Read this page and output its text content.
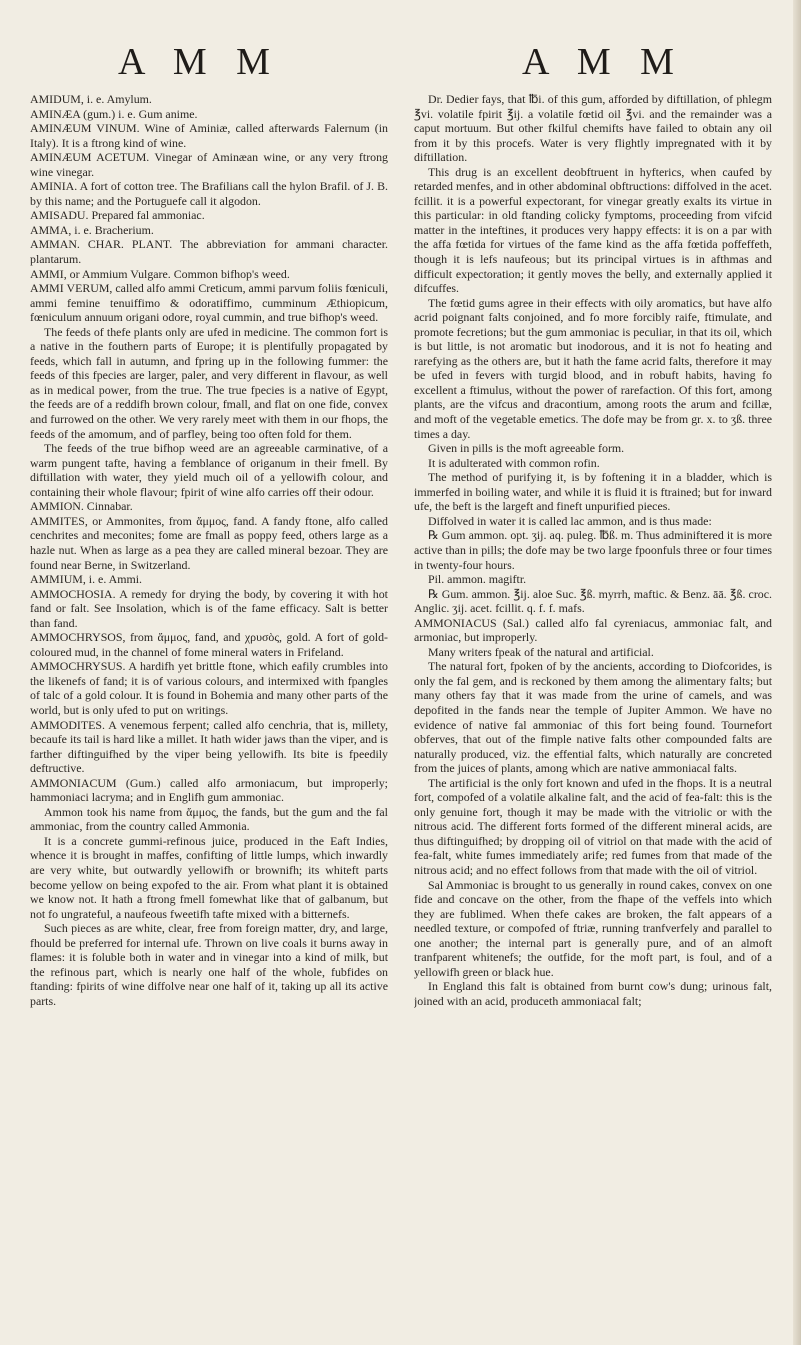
A M M	A M M

AMIDUM, i. e. Amylum.

AMINÆA (gum.) i. e. Gum anime.

AMINÆUM VINUM. Wine of Aminiæ, called afterwards Falernum (in Italy). It is a ftrong kind of wine.

AMINÆUM ACETUM. Vinegar of Aminæan wine, or any very ftrong wine vinegar.

AMINIA. A fort of cotton tree. The Brafilians call the hylon Brafil. of J. B. by this name; and the Portuguefe call it algodon.

AMISADU. Prepared fal ammoniac.

AMMA, i. e. Bracherium.

AMMAN. CHAR. PLANT. The abbreviation for ammani character. plantarum.

AMMI, or Ammium Vulgare. Common bifhop's weed.

AMMI VERUM, called alfo ammi Creticum, ammi parvum foliis fœniculi, ammi femine tenuiffimo & odoratiffimo, cumminum Æthiopicum, fœniculum annuum origani odore, royal cummin, and true bifhop's weed.

The feeds of thefe plants only are ufed in medicine. The common fort is a native in the fouthern parts of Europe; it is plentifully propagated by feeds, which fall in autumn, and fpring up in the following fummer: the feeds of this fpecies are larger, paler, and very different in flavour, as well as in medical power, from the true. The true fpecies is a native of Egypt, the feeds are of a reddifh brown colour, fmall, and flat on one fide, convex and furrowed on the other. We very rarely meet with them in our fhops, the feeds of the amomum, and of parfley, being too often fold for them.

The feeds of the true bifhop weed are an agreeable carminative, of a warm pungent tafte, having a femblance of origanum in their fmell. By diftillation with water, they yield much oil of a yellowifh colour, and containing their whole flavour; fpirit of wine alfo carries off their odour.

AMMION. Cinnabar.

AMMITES, or Ammonites, from ἄμμος, fand. A fandy ftone, alfo called cenchrites and meconites; fome are fmall as poppy feed, others large as a hazle nut. When as large as a pea they are called mineral bezoar. They are found near Berne, in Switzerland.

AMMIUM, i. e. Ammi.

AMMOCHOSIA. A remedy for drying the body, by covering it with hot fand or falt. See Insolation, which is of the fame efficacy. Salt is better than fand.

AMMOCHRYSOS, from ἄμμος, fand, and χρυσὸς, gold. A fort of gold-coloured mud, in the channel of fome mineral waters in Frifeland.

AMMOCHRYSUS. A hardifh yet brittle ftone, which eafily crumbles into the likenefs of fand; it is of various colours, and intermixed with fpangles of talc of a gold colour. It is found in Bohemia and many other parts of the world, but is only ufed to put on writings.

AMMODITES. A venemous ferpent; called alfo cenchria, that is, millety, becaufe its tail is hard like a millet. It hath wider jaws than the viper, and is farther diftinguifhed by the viper being yellowifh. Its bite is fpeedily deftructive.

AMMONIACUM (Gum.) called alfo armoniacum, but improperly; hammoniaci lacryma; and in Englifh gum ammoniac.

Ammon took his name from ἄμμος, the fands, but the gum and the fal ammoniac, from the country called Ammonia.

It is a concrete gummi-refinous juice, produced in the Eaft Indies, whence it is brought in maffes, confifting of little lumps, which inwardly are very white, but outwardly yellowifh or brownifh; its whiteft parts become yellow on being expofed to the air. From what plant it is obtained we know not. It hath a ftrong fmell fomewhat like that of galbanum, but not fo ungrateful, a naufeous fweetifh tafte mixed with a bitternefs.

Such pieces as are white, clear, free from foreign matter, dry, and large, fhould be preferred for internal ufe. Thrown on live coals it burns away in flames: it is foluble both in water and in vinegar into a kind of milk, but the refinous part, which is nearly one half of the whole, fubfides on ftanding: fpirits of wine diffolve near one half of it, taking up all its active parts.

Dr. Dedier fays, that ℔i. of this gum, afforded by diftillation, of phlegm ℥vi. volatile fpirit ℥ij. a volatile fœtid oil ℥vi. and the remainder was a caput mortuum. But other fkilful chemifts have failed to obtain any oil from it by this procefs. Water is very flightly impregnated with it by diftillation.

This drug is an excellent deobftruent in hyfterics, when caufed by retarded menfes, and in other abdominal obftructions: diffolved in the acet. fcillit. it is a powerful expectorant, for vinegar greatly exalts its virtue in this particular: in old ftanding colicky fymptoms, proceeding from vifcid matter in the inteftines, it produces very happy effects: it is on a par with the affa fœtida for virtues of the fame kind as the affa fœtida poffeffeth, though it is lefs naufeous; but its principal virtues is in afthmas and difficult expectoration; it gently moves the belly, and externally applied it difcuffes.

The fœtid gums agree in their effects with oily aromatics, but have alfo acrid poignant falts conjoined, and fo more forcibly raife, ftimulate, and promote fecretions; but the gum ammoniac is peculiar, in that its oil, which is but little, is not aromatic but inodorous, and it is not fo heating and rarefying as the others are, but it hath the fame acrid falts, therefore it may be ufed in fevers with turgid blood, and in robuft habits, having fo excellent a ftimulus, without the power of rarefaction. Of this fort, among plants, are the vifcus and dracontium, among roots the arum and fcillæ, and moft of the vegetable emetics. The dofe may be from gr. x. to ʒß. three times a day.

Given in pills is the moft agreeable form.

It is adulterated with common rofin.

The method of purifying it, is by foftening it in a bladder, which is immerfed in boiling water, and while it is fluid it is ftrained; but for inward ufe, the beft is the largeft and fineft unpurified pieces.

Diffolved in water it is called lac ammon, and is thus made:

℞ Gum ammon. opt. ʒij. aq. puleg. ℔ß. m. Thus adminiftered it is more active than in pills; the dofe may be two large fpoonfuls three or four times in twenty-four hours.

Pil. ammon. magiftr.

℞ Gum. ammon. ℥ij. aloe Suc. ℥ß. myrrh, maftic. & Benz. āā. ℥ß. croc. Anglic. ʒij. acet. fcillit. q. f. f. mafs.

AMMONIACUS (Sal.) called alfo fal cyreniacus, ammoniac falt, and armoniac, but improperly.

Many writers fpeak of the natural and artificial.

The natural fort, fpoken of by the ancients, according to Diofcorides, is only the fal gem, and is reckoned by them among the alimentary falts; but many others fay that it was made from the urine of camels, and was depofited in the fands near the temple of Jupiter Ammon. We have no evidence of native fal ammoniac of this fort being found. Tournefort obferves, that out of the fimple native falts other compounded falts are naturally produced, viz. the effential falts, which naturally are concreted from the juices of plants, among which are native ammoniacal falts.

The artificial is the only fort known and ufed in the fhops. It is a neutral fort, compofed of a volatile alkaline falt, and the acid of fea-falt: this is the only genuine fort, though it may be made with the vitriolic or with the nitrous acid. The different forts formed of the different mineral acids, are thus diftinguifhed; by dropping oil of vitriol on that made with the acid of fea-falt, white fumes immediately arife; red fumes from that made of the nitrous acid; and no effect follows from that made with the oil of vitriol.

Sal Ammoniac is brought to us generally in round cakes, convex on one fide and concave on the other, from the fhape of the veffels into which they are fublimed. When thefe cakes are broken, the falt appears of a needled texture, or compofed of ftriæ, running tranfverfely and parallel to one another; the internal part is generally pure, and of an almoft tranfparent whitenefs; the outfide, for the moft part, is foul, and of a yellowifh green or black hue.

In England this falt is obtained from burnt cow's dung; urinous falt, joined with an acid, produceth ammoniacal falt;
